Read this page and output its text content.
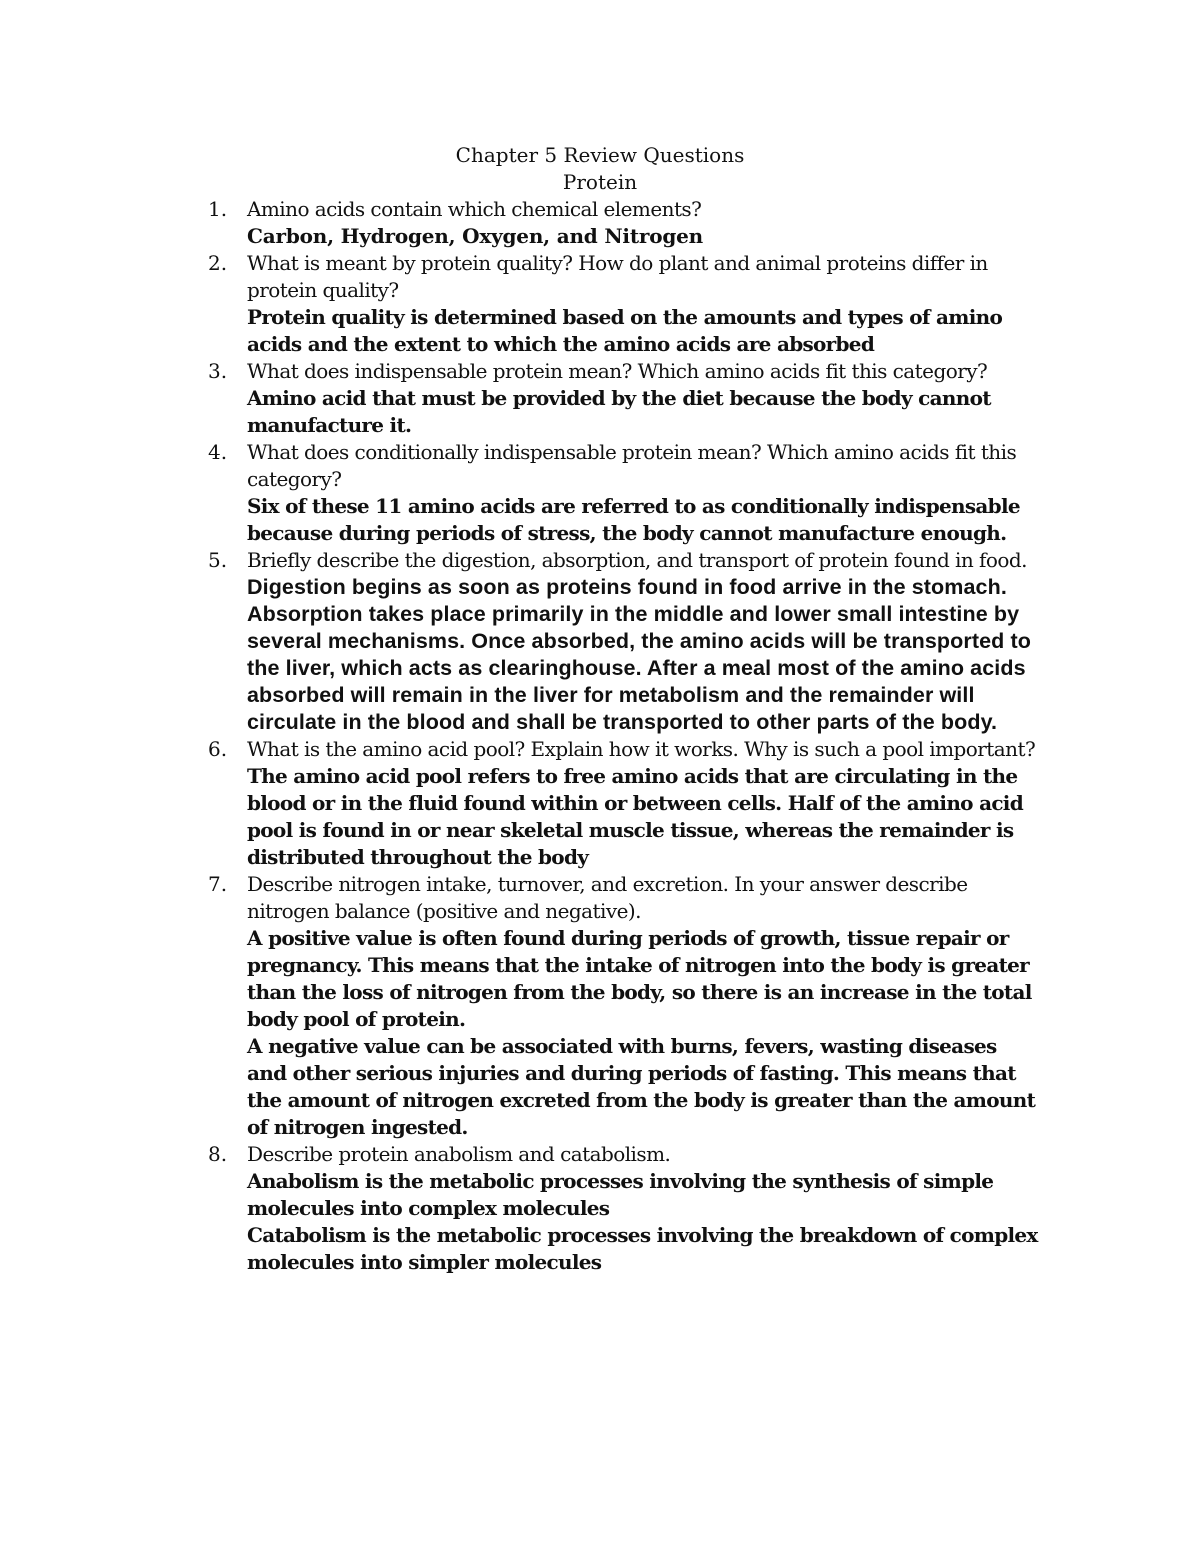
Chapter 5 Review Questions
Protein
1. Amino acids contain which chemical elements?

Carbon, Hydrogen, Oxygen, and Nitrogen

2. What is meant by protein quality? How do plant and animal proteins differ in protein quality?

Protein quality is determined based on the amounts and types of amino acids and the extent to which the amino acids are absorbed

3. What does indispensable protein mean? Which amino acids fit this category?

Amino acid that must be provided by the diet because the body cannot manufacture it.

4. What does conditionally indispensable protein mean? Which amino acids fit this category?

Six of these 11 amino acids are referred to as conditionally indispensable because during periods of stress, the body cannot manufacture enough.

5. Briefly describe the digestion, absorption, and transport of protein found in food.

Digestion begins as soon as proteins found in food arrive in the stomach. Absorption takes place primarily in the middle and lower small intestine by several mechanisms. Once absorbed, the amino acids will be transported to the liver, which acts as clearinghouse. After a meal most of the amino acids absorbed will remain in the liver for metabolism and the remainder will circulate in the blood and shall be transported to other parts of the body.

6. What is the amino acid pool? Explain how it works. Why is such a pool important?

The amino acid pool refers to free amino acids that are circulating in the blood or in the fluid found within or between cells. Half of the amino acid pool is found in or near skeletal muscle tissue, whereas the remainder is distributed throughout the body

7. Describe nitrogen intake, turnover, and excretion. In your answer describe nitrogen balance (positive and negative).

A positive value is often found during periods of growth, tissue repair or pregnancy. This means that the intake of nitrogen into the body is greater than the loss of nitrogen from the body, so there is an increase in the total body pool of protein.

A negative value can be associated with burns, fevers, wasting diseases and other serious injuries and during periods of fasting. This means that the amount of nitrogen excreted from the body is greater than the amount of nitrogen ingested.

8. Describe protein anabolism and catabolism.

Anabolism is the metabolic processes involving the synthesis of simple molecules into complex molecules

Catabolism is the metabolic processes involving the breakdown of complex molecules into simpler molecules
